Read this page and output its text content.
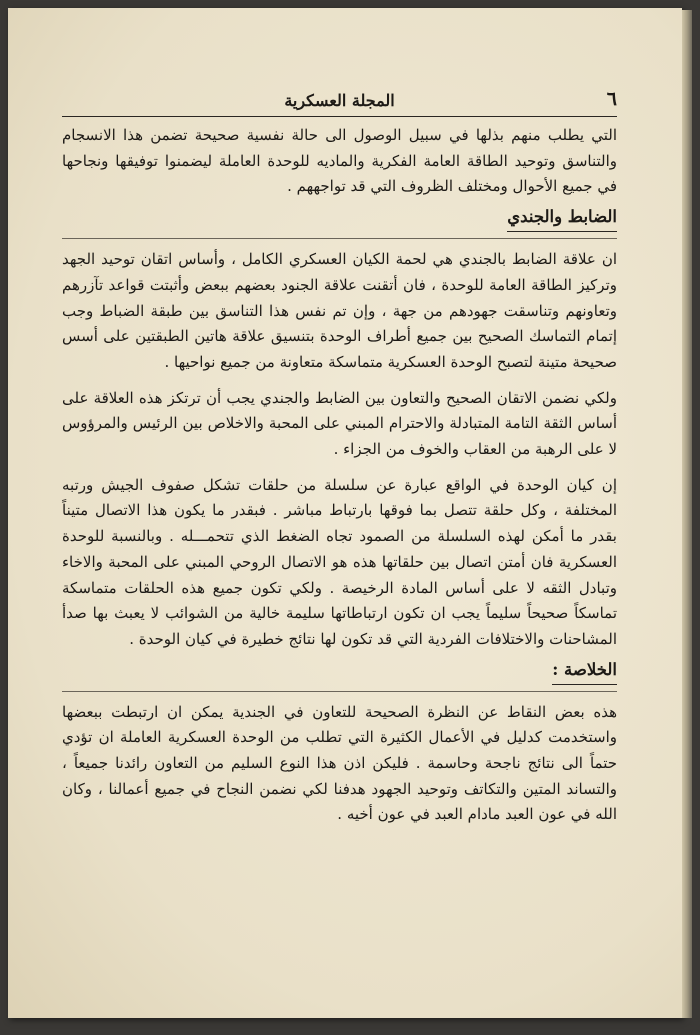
٦
المجلة العسكرية

التي يطلب منهم بذلها في سبيل الوصول الى حالة نفسية صحيحة تضمن هذا الانسجام والتناسق وتوحيد الطاقة العامة الفكرية والماديه للوحدة العاملة ليضمنوا توفيقها ونجاحها في جميع الأحوال ومختلف الظروف التي قد تواجههم .

الضابط والجندي

ان علاقة الضابط بالجندي هي لحمة الكيان العسكري الكامل ، وأساس اتقان توحيد الجهد وتركيز الطاقة العامة للوحدة ، فان أتقنت علاقة الجنود بعضهم ببعض وأثبتت قواعد تآزرهم وتعاونهم وتناسقت جهودهم من جهة ، وإن تم نفس هذا التناسق بين طبقة الضباط وجب إتمام التماسك الصحيح بين جميع أطراف الوحدة بتنسيق علاقة هاتين الطبقتين على أسس صحيحة متينة لتصبح الوحدة العسكرية متماسكة متعاونة من جميع نواحيها .

ولكي نضمن الاتقان الصحيح والتعاون بين الضابط والجندي يجب أن ترتكز هذه العلاقة على أساس الثقة التامة المتبادلة والاحترام المبني على المحبة والاخلاص بين الرئيس والمرؤوس لا على الرهبة من العقاب والخوف من الجزاء .

إن كيان الوحدة في الواقع عبارة عن سلسلة من حلقات تشكل صفوف الجيش ورتبه المختلفة ، وكل حلقة تتصل بما فوقها بارتباط مباشر . فبقدر ما يكون هذا الاتصال متيناً بقدر ما أمكن لهذه السلسلة من الصمود تجاه الضغط الذي تتحمـــله . وبالنسبة للوحدة العسكرية فان أمتن اتصال بين حلقاتها هذه هو الاتصال الروحي المبني على المحبة والاخاء وتبادل الثقه لا على أساس المادة الرخيصة . ولكي تكون جميع هذه الحلقات متماسكة تماسكاً صحيحاً سليماً يجب ان تكون ارتباطاتها سليمة خالية من الشوائب لا يعبث بها صدأ المشاحنات والاختلافات الفردية التي قد تكون لها نتائج خطيرة في كيان الوحدة .

الخلاصة :

هذه بعض النقاط عن النظرة الصحيحة للتعاون في الجندية يمكن ان ارتبطت ببعضها واستخدمت كدليل في الأعمال الكثيرة التي تطلب من الوحدة العسكرية العاملة ان تؤدي حتماً الى نتائج ناجحة وحاسمة . فليكن اذن هذا النوع السليم من التعاون رائدنا جميعاً ، والتساند المتين والتكاتف وتوحيد الجهود هدفنا لكي نضمن النجاح في جميع أعمالنا ، وكان الله في عون العبد مادام العبد في عون أخيه .
